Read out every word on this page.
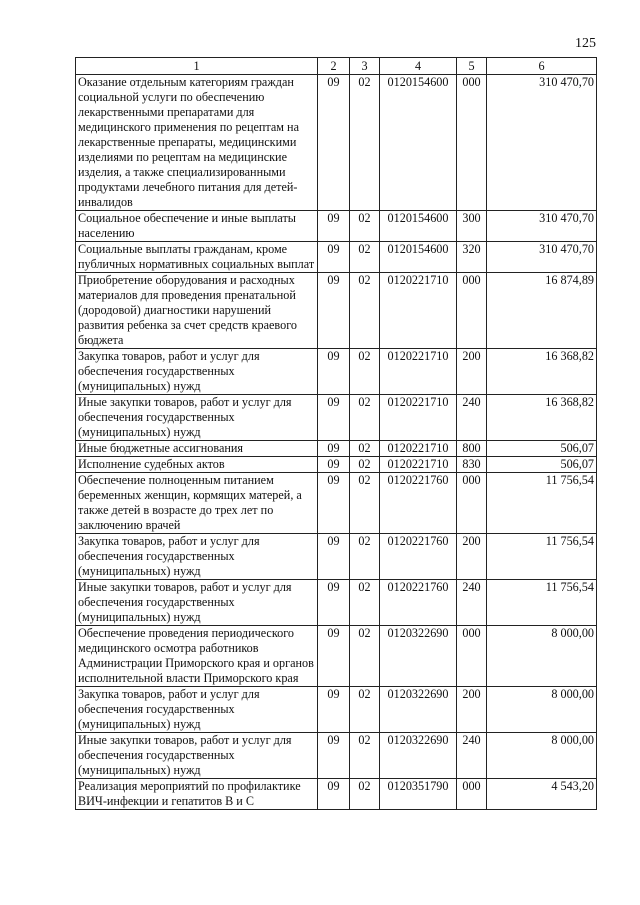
125
1	2	3	4	5	6
Оказание отдельным категориям граждан социальной услуги по обеспечению лекарственными препаратами для медицинского применения по рецептам на лекарственные препараты, медицинскими изделиями по рецептам на медицинские изделия, а также специализированными продуктами лечебного питания для детей-инвалидов	09	02	0120154600	000	310 470,70
Социальное обеспечение и иные выплаты населению	09	02	0120154600	300	310 470,70
Социальные выплаты гражданам, кроме публичных нормативных социальных выплат	09	02	0120154600	320	310 470,70
Приобретение оборудования и расходных материалов для проведения пренатальной (дородовой) диагностики нарушений развития ребенка за счет средств краевого бюджета	09	02	0120221710	000	16 874,89
Закупка товаров, работ и услуг для обеспечения государственных (муниципальных) нужд	09	02	0120221710	200	16 368,82
Иные закупки товаров, работ и услуг для обеспечения государственных (муниципальных) нужд	09	02	0120221710	240	16 368,82
Иные бюджетные ассигнования	09	02	0120221710	800	506,07
Исполнение судебных актов	09	02	0120221710	830	506,07
Обеспечение полноценным питанием беременных женщин, кормящих матерей, а также детей в возрасте до трех лет по заключению врачей	09	02	0120221760	000	11 756,54
Закупка товаров, работ и услуг для обеспечения государственных (муниципальных) нужд	09	02	0120221760	200	11 756,54
Иные закупки товаров, работ и услуг для обеспечения государственных (муниципальных) нужд	09	02	0120221760	240	11 756,54
Обеспечение проведения периодического медицинского осмотра работников Администрации Приморского края и органов исполнительной власти Приморского края	09	02	0120322690	000	8 000,00
Закупка товаров, работ и услуг для обеспечения государственных (муниципальных) нужд	09	02	0120322690	200	8 000,00
Иные закупки товаров, работ и услуг для обеспечения государственных (муниципальных) нужд	09	02	0120322690	240	8 000,00
Реализация мероприятий по профилактике ВИЧ-инфекции и гепатитов B и C	09	02	0120351790	000	4 543,20
